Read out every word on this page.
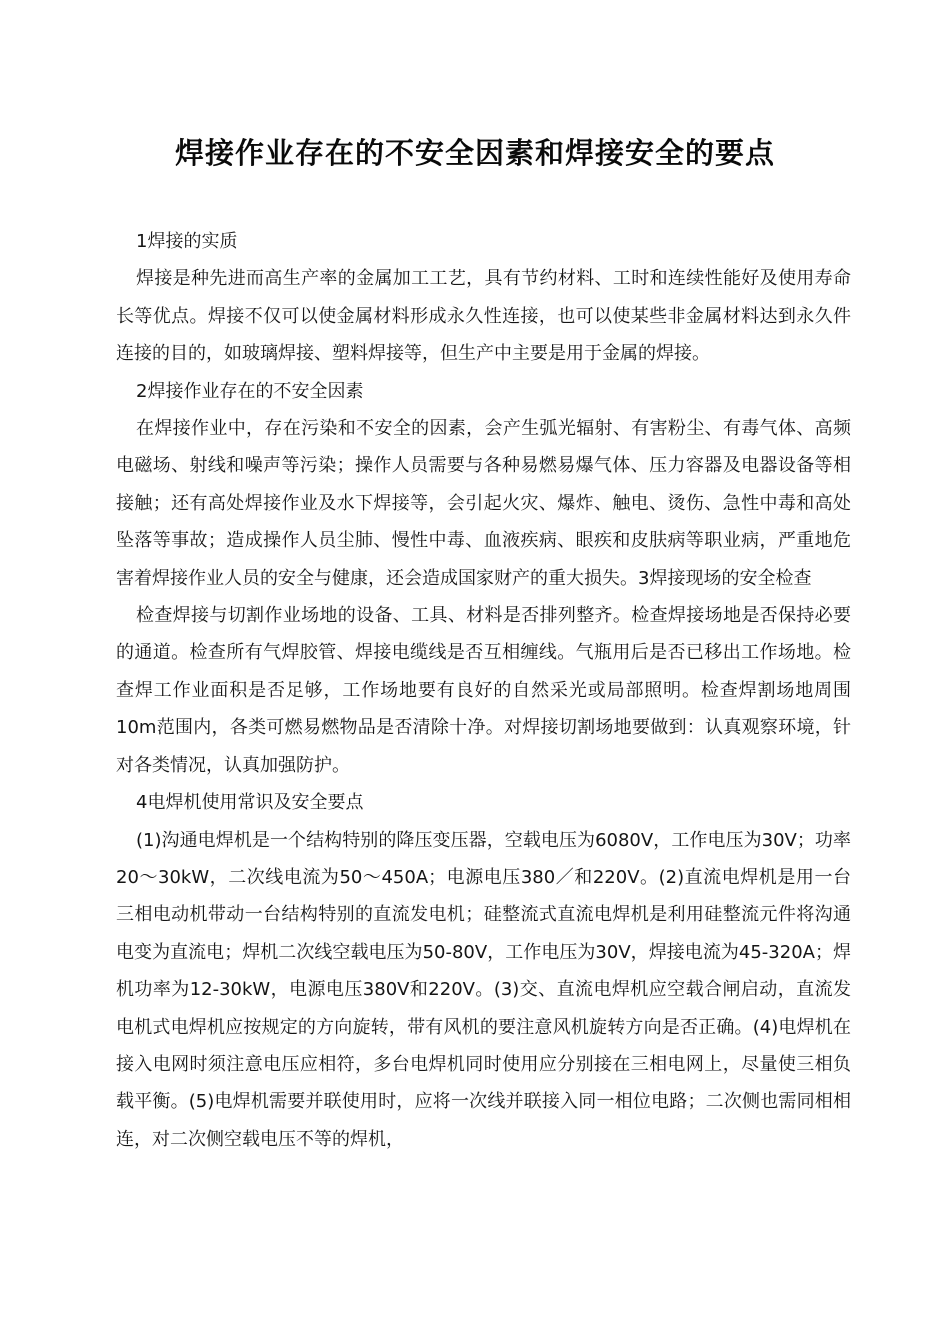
焊接作业存在的不安全因素和焊接安全的要点

1焊接的实质

焊接是种先进而高生产率的金属加工工艺，具有节约材料、工时和连续性能好及使用寿命长等优点。焊接不仅可以使金属材料形成永久性连接，也可以使某些非金属材料达到永久件连接的目的，如玻璃焊接、塑料焊接等，但生产中主要是用于金属的焊接。

2焊接作业存在的不安全因素

在焊接作业中，存在污染和不安全的因素，会产生弧光辐射、有害粉尘、有毒气体、高频电磁场、射线和噪声等污染；操作人员需要与各种易燃易爆气体、压力容器及电器设备等相接触；还有高处焊接作业及水下焊接等，会引起火灾、爆炸、触电、烫伤、急性中毒和高处坠落等事故；造成操作人员尘肺、慢性中毒、血液疾病、眼疾和皮肤病等职业病，严重地危害着焊接作业人员的安全与健康，还会造成国家财产的重大损失。3焊接现场的安全检查

检查焊接与切割作业场地的设备、工具、材料是否排列整齐。检查焊接场地是否保持必要的通道。检查所有气焊胶管、焊接电缆线是否互相缠线。气瓶用后是否已移出工作场地。检查焊工作业面积是否足够，工作场地要有良好的自然采光或局部照明。检查焊割场地周围10m范围内，各类可燃易燃物品是否清除十净。对焊接切割场地要做到：认真观察环境，针对各类情况，认真加强防护。

4电焊机使用常识及安全要点

(1)沟通电焊机是一个结构特别的降压变压器，空载电压为6080V，工作电压为30V；功率20～30kW，二次线电流为50～450A；电源电压380／和220V。(2)直流电焊机是用一台三相电动机带动一台结构特别的直流发电机；硅整流式直流电焊机是利用硅整流元件将沟通电变为直流电；焊机二次线空载电压为50-80V，工作电压为30V，焊接电流为45-320A；焊机功率为12-30kW，电源电压380V和220V。(3)交、直流电焊机应空载合闸启动，直流发电机式电焊机应按规定的方向旋转，带有风机的要注意风机旋转方向是否正确。(4)电焊机在接入电网时须注意电压应相符，多台电焊机同时使用应分别接在三相电网上，尽量使三相负载平衡。(5)电焊机需要并联使用时，应将一次线并联接入同一相位电路；二次侧也需同相相连，对二次侧空载电压不等的焊机，
